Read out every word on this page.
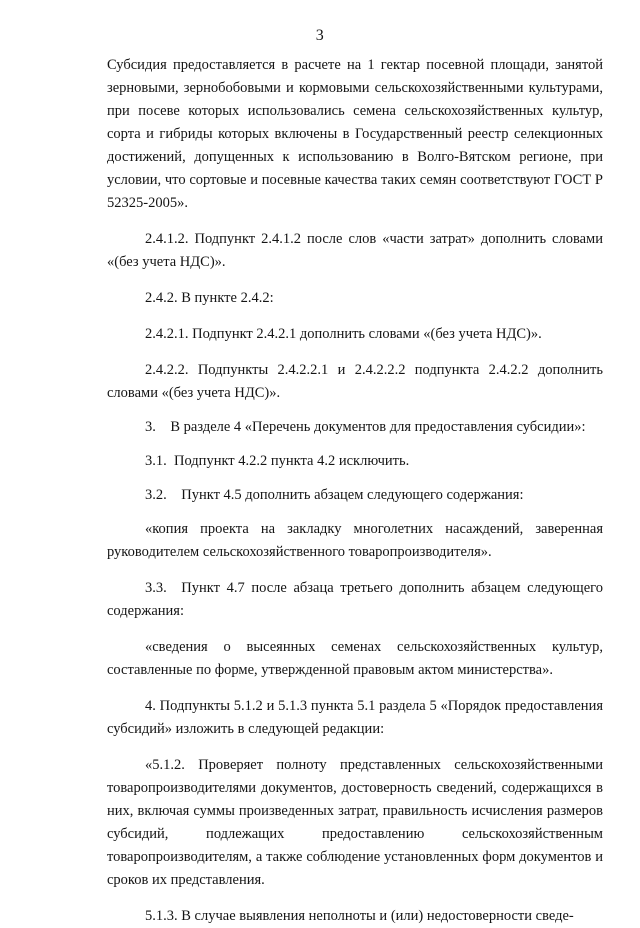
3

Субсидия предоставляется в расчете на 1 гектар посевной площади, занятой зерновыми, зернобобовыми и кормовыми сельскохозяйственными культурами, при посеве которых использовались семена сельскохозяйственных культур, сорта и гибриды которых включены в Государственный реестр селекционных достижений, допущенных к использованию в Волго-Вятском регионе, при условии, что сортовые и посевные качества таких семян соответствуют ГОСТ Р 52325-2005».

2.4.1.2. Подпункт 2.4.1.2 после слов «части затрат» дополнить словами «(без учета НДС)».

2.4.2. В пункте 2.4.2:

2.4.2.1. Подпункт 2.4.2.1 дополнить словами «(без учета НДС)».

2.4.2.2. Подпункты 2.4.2.2.1 и 2.4.2.2.2 подпункта 2.4.2.2 дополнить словами «(без учета НДС)».

3. В разделе 4 «Перечень документов для предоставления субсидии»:

3.1. Подпункт 4.2.2 пункта 4.2 исключить.

3.2. Пункт 4.5 дополнить абзацем следующего содержания:

«копия проекта на закладку многолетних насаждений, заверенная руководителем сельскохозяйственного товаропроизводителя».

3.3. Пункт 4.7 после абзаца третьего дополнить абзацем следующего содержания:

«сведения о высеянных семенах сельскохозяйственных культур, составленные по форме, утвержденной правовым актом министерства».

4. Подпункты 5.1.2 и 5.1.3 пункта 5.1 раздела 5 «Порядок предоставления субсидий» изложить в следующей редакции:

«5.1.2. Проверяет полноту представленных сельскохозяйственными товаропроизводителями документов, достоверность сведений, содержащихся в них, включая суммы произведенных затрат, правильность исчисления размеров субсидий, подлежащих предоставлению сельскохозяйственным товаропроизводителям, а также соблюдение установленных форм документов и сроков их представления.

5.1.3. В случае выявления неполноты и (или) недостоверности сведе-
